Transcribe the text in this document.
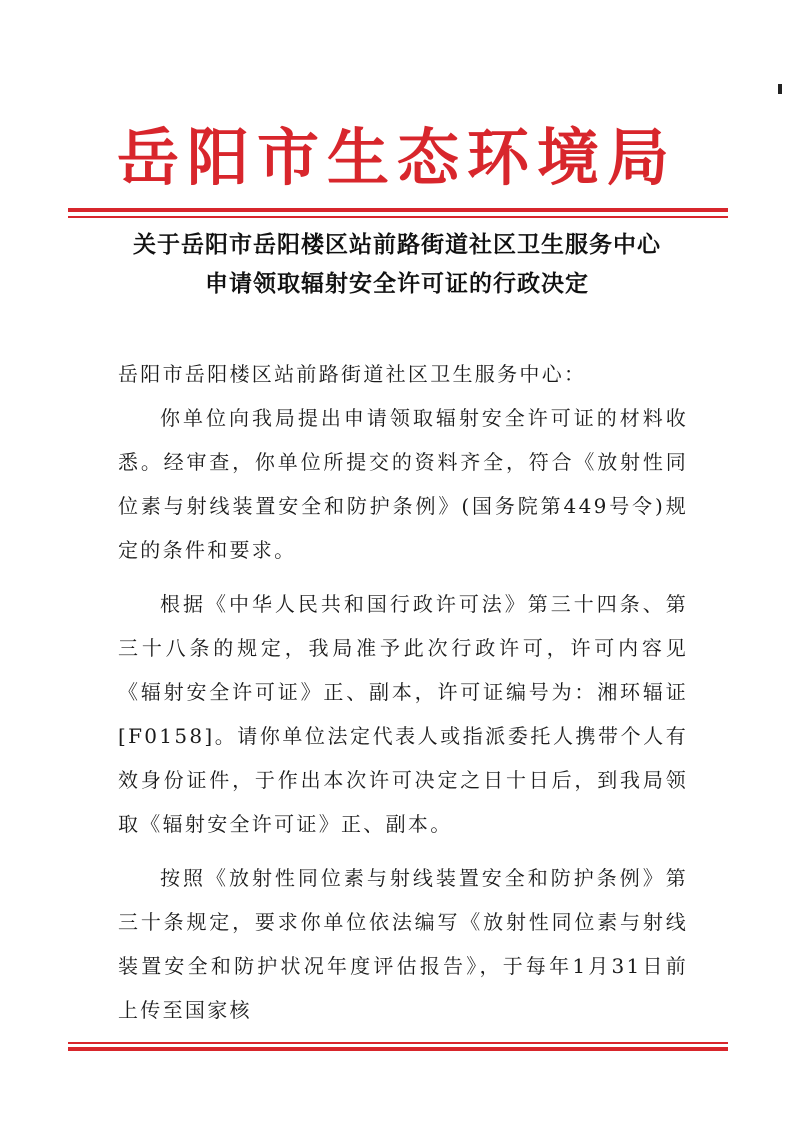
岳阳市生态环境局
关于岳阳市岳阳楼区站前路街道社区卫生服务中心
申请领取辐射安全许可证的行政决定
岳阳市岳阳楼区站前路街道社区卫生服务中心：

你单位向我局提出申请领取辐射安全许可证的材料收悉。经审查，你单位所提交的资料齐全，符合《放射性同位素与射线装置安全和防护条例》(国务院第449号令)规定的条件和要求。

根据《中华人民共和国行政许可法》第三十四条、第三十八条的规定，我局准予此次行政许可，许可内容见《辐射安全许可证》正、副本，许可证编号为：湘环辐证[F0158]。请你单位法定代表人或指派委托人携带个人有效身份证件，于作出本次许可决定之日十日后，到我局领取《辐射安全许可证》正、副本。

按照《放射性同位素与射线装置安全和防护条例》第三十条规定，要求你单位依法编写《放射性同位素与射线装置安全和防护状况年度评估报告》，于每年1月31日前上传至国家核
